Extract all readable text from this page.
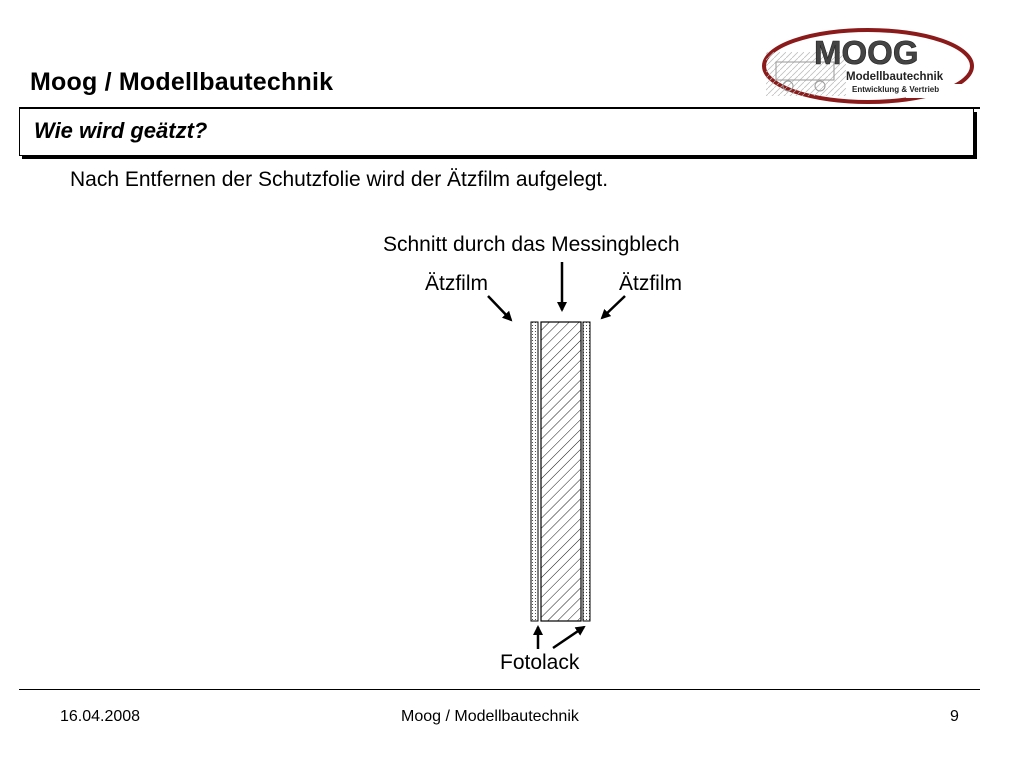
Moog / Modellbautechnik
MOOG
Modellbautechnik
Entwicklung & Vertrieb
Wie wird geätzt?
Nach Entfernen der Schutzfolie wird der Ätzfilm aufgelegt.
Schnitt durch das Messingblech
Ätzfilm	Ätzfilm
Fotolack
16.04.2008	Moog / Modellbautechnik	9
